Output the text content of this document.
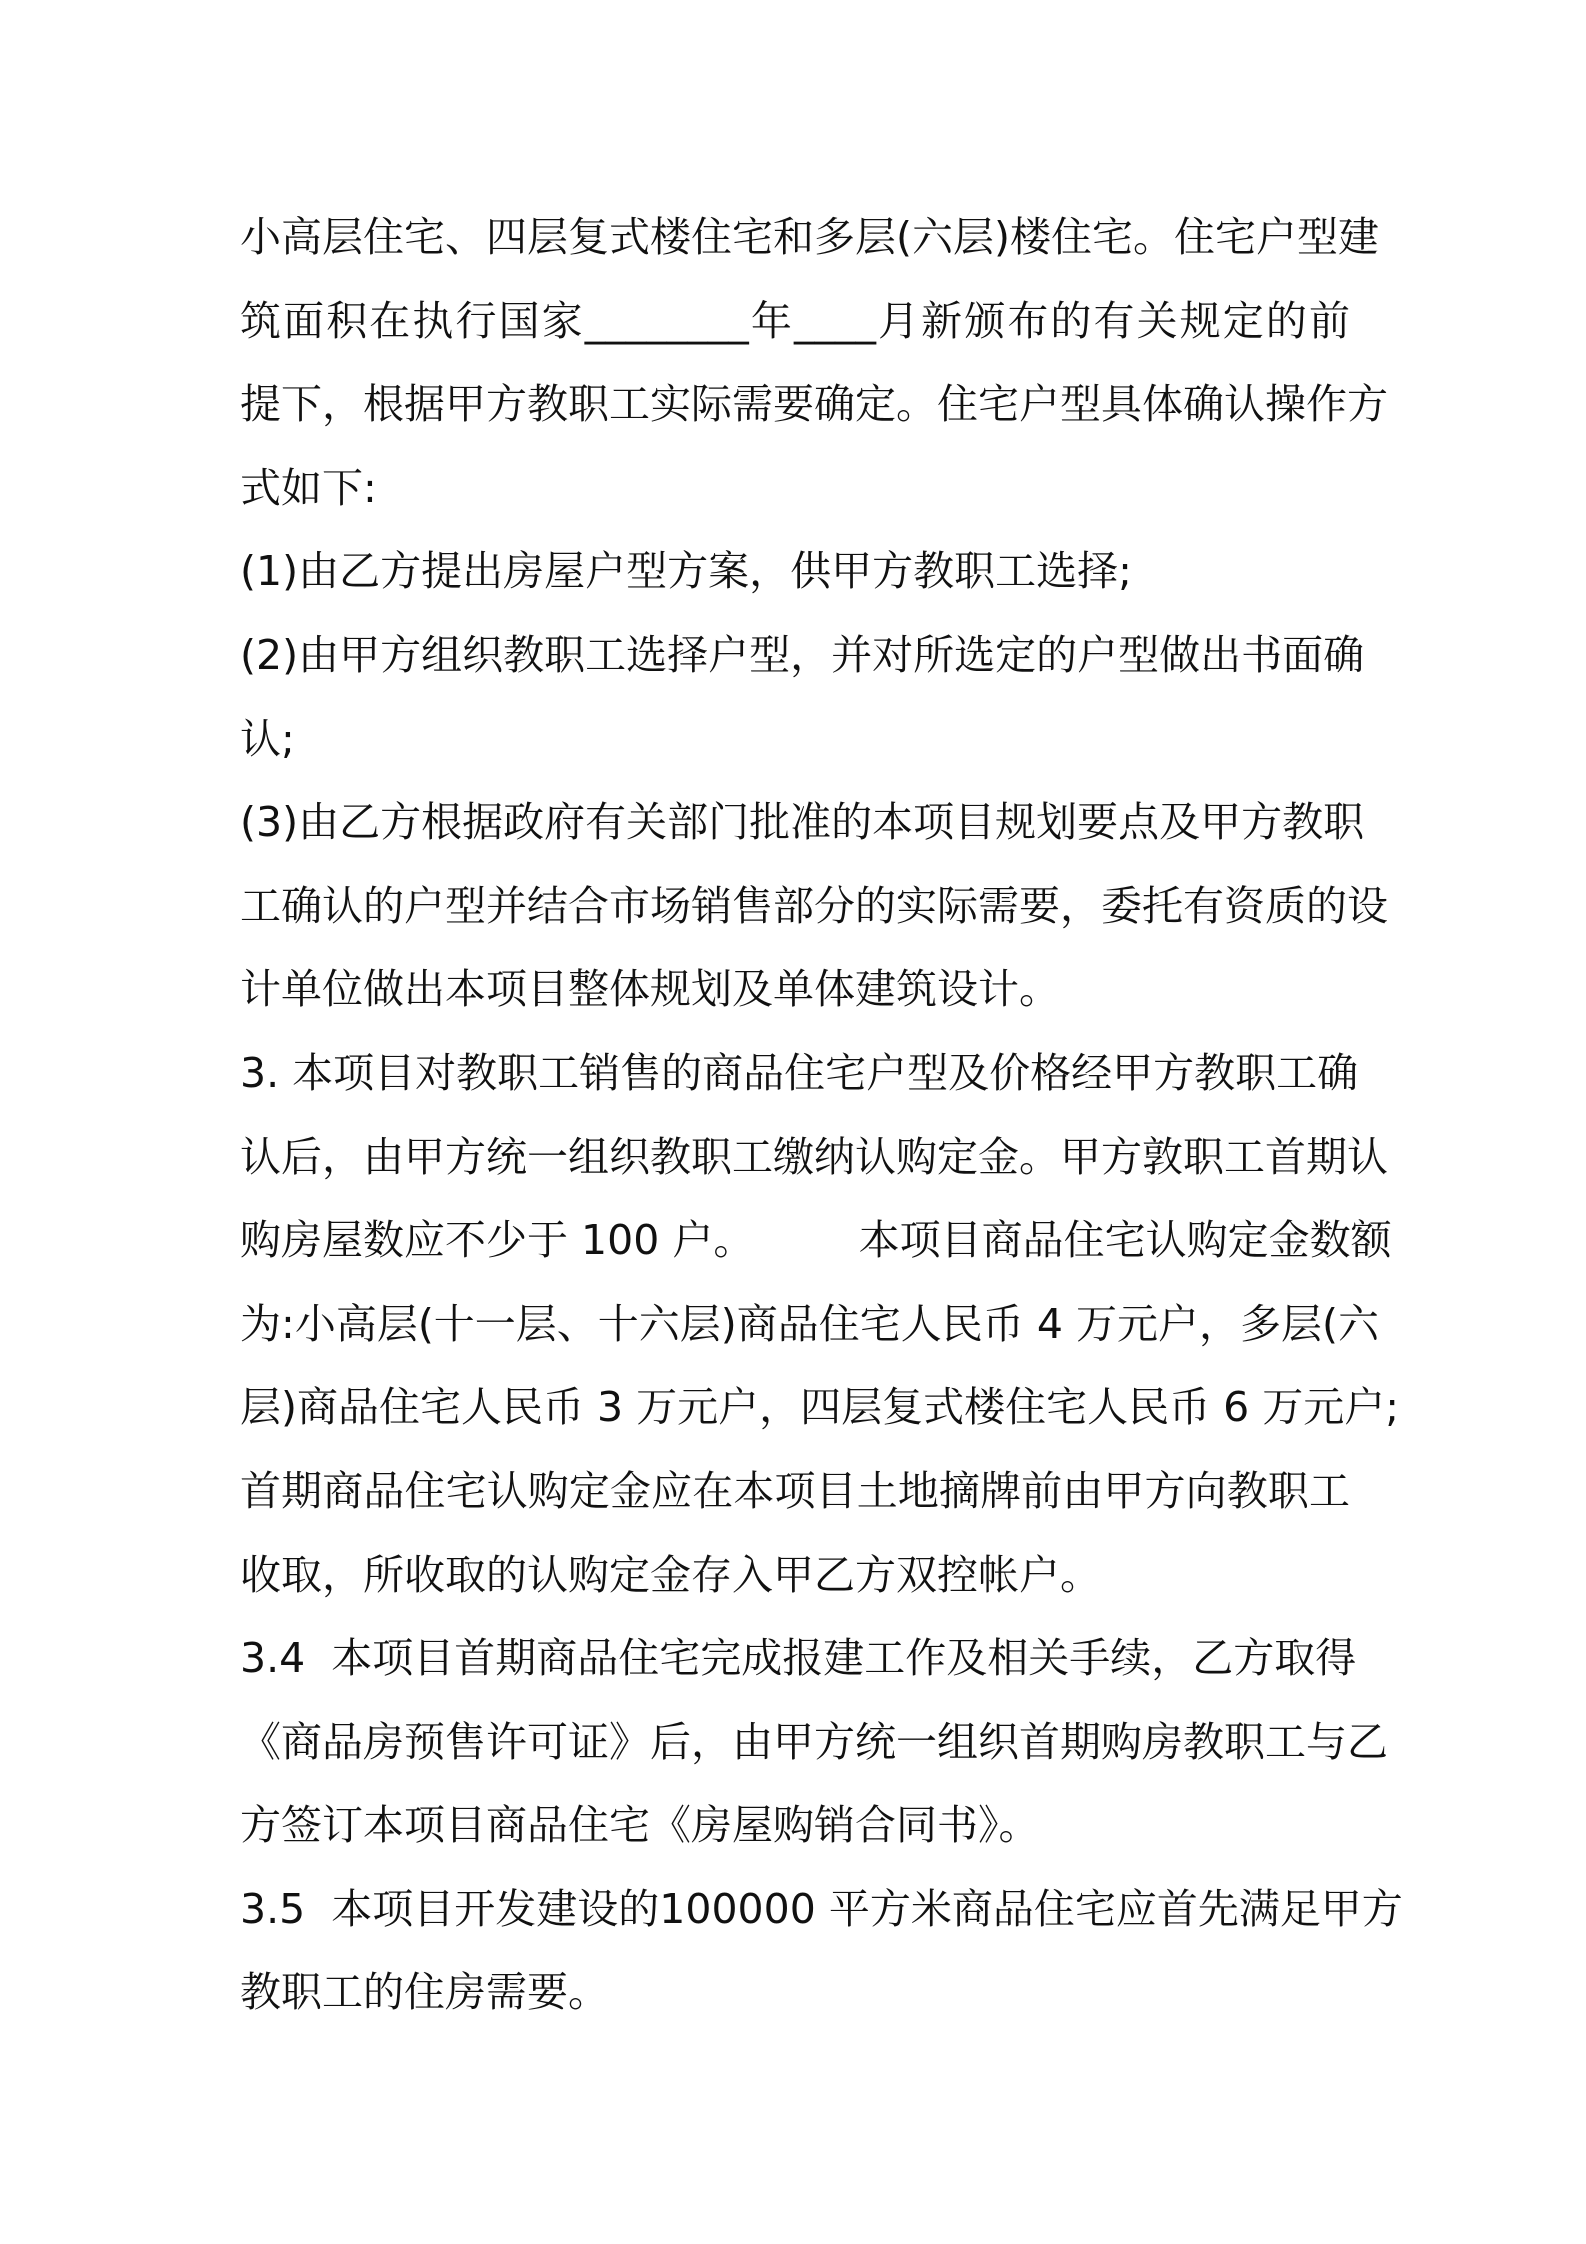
小高层住宅、四层复式楼住宅和多层(六层)楼住宅。住宅户型建
筑面积在执行国家________年____月新颁布的有关规定的前
提下，根据甲方教职工实际需要确定。住宅户型具体确认操作方
式如下:
(1)由乙方提出房屋户型方案，供甲方教职工选择;
(2)由甲方组织教职工选择户型，并对所选定的户型做出书面确
认;
(3)由乙方根据政府有关部门批准的本项目规划要点及甲方教职
工确认的户型并结合市场销售部分的实际需要，委托有资质的设
计单位做出本项目整体规划及单体建筑设计。
3. 本项目对教职工销售的商品住宅户型及价格经甲方教职工确
认后，由甲方统一组织教职工缴纳认购定金。甲方敦职工首期认
购房屋数应不少于 100 户。        本项目商品住宅认购定金数额
为:小高层(十一层、十六层)商品住宅人民币 4 万元户，多层(六
层)商品住宅人民币 3 万元户，四层复式楼住宅人民币 6 万元户;
首期商品住宅认购定金应在本项目土地摘牌前由甲方向教职工
收取，所收取的认购定金存入甲乙方双控帐户。
3.4  本项目首期商品住宅完成报建工作及相关手续，乙方取得
《商品房预售许可证》后，由甲方统一组织首期购房教职工与乙
方签订本项目商品住宅《房屋购销合同书》。
3.5  本项目开发建设的100000 平方米商品住宅应首先满足甲方
教职工的住房需要。
